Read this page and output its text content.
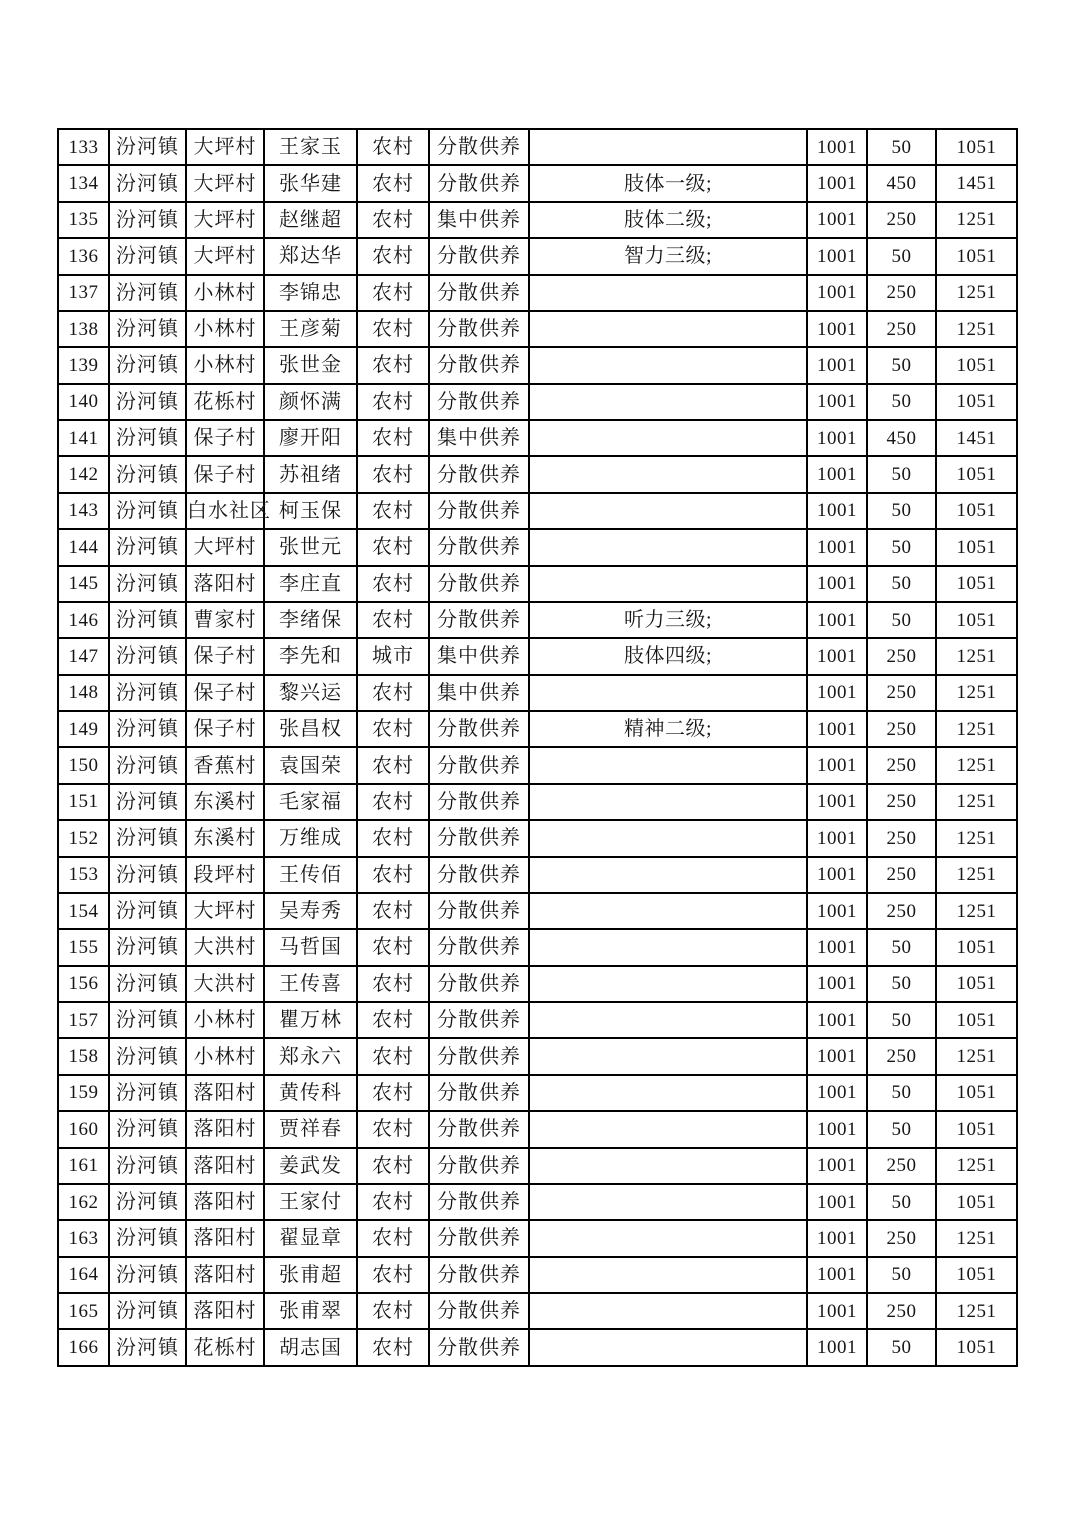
133	汾河镇	大坪村	王家玉	农村	分散供养		1001	50	1051
134	汾河镇	大坪村	张华建	农村	分散供养	肢体一级;	1001	450	1451
135	汾河镇	大坪村	赵继超	农村	集中供养	肢体二级;	1001	250	1251
136	汾河镇	大坪村	郑达华	农村	分散供养	智力三级;	1001	50	1051
137	汾河镇	小林村	李锦忠	农村	分散供养		1001	250	1251
138	汾河镇	小林村	王彦菊	农村	分散供养		1001	250	1251
139	汾河镇	小林村	张世金	农村	分散供养		1001	50	1051
140	汾河镇	花栎村	颜怀满	农村	分散供养		1001	50	1051
141	汾河镇	保子村	廖开阳	农村	集中供养		1001	450	1451
142	汾河镇	保子村	苏祖绪	农村	分散供养		1001	50	1051
143	汾河镇	白水社区	柯玉保	农村	分散供养		1001	50	1051
144	汾河镇	大坪村	张世元	农村	分散供养		1001	50	1051
145	汾河镇	落阳村	李庄直	农村	分散供养		1001	50	1051
146	汾河镇	曹家村	李绪保	农村	分散供养	听力三级;	1001	50	1051
147	汾河镇	保子村	李先和	城市	集中供养	肢体四级;	1001	250	1251
148	汾河镇	保子村	黎兴运	农村	集中供养		1001	250	1251
149	汾河镇	保子村	张昌权	农村	分散供养	精神二级;	1001	250	1251
150	汾河镇	香蕉村	袁国荣	农村	分散供养		1001	250	1251
151	汾河镇	东溪村	毛家福	农村	分散供养		1001	250	1251
152	汾河镇	东溪村	万维成	农村	分散供养		1001	250	1251
153	汾河镇	段坪村	王传佰	农村	分散供养		1001	250	1251
154	汾河镇	大坪村	吴寿秀	农村	分散供养		1001	250	1251
155	汾河镇	大洪村	马哲国	农村	分散供养		1001	50	1051
156	汾河镇	大洪村	王传喜	农村	分散供养		1001	50	1051
157	汾河镇	小林村	瞿万林	农村	分散供养		1001	50	1051
158	汾河镇	小林村	郑永六	农村	分散供养		1001	250	1251
159	汾河镇	落阳村	黄传科	农村	分散供养		1001	50	1051
160	汾河镇	落阳村	贾祥春	农村	分散供养		1001	50	1051
161	汾河镇	落阳村	姜武发	农村	分散供养		1001	250	1251
162	汾河镇	落阳村	王家付	农村	分散供养		1001	50	1051
163	汾河镇	落阳村	翟显章	农村	分散供养		1001	250	1251
164	汾河镇	落阳村	张甫超	农村	分散供养		1001	50	1051
165	汾河镇	落阳村	张甫翠	农村	分散供养		1001	250	1251
166	汾河镇	花栎村	胡志国	农村	分散供养		1001	50	1051
